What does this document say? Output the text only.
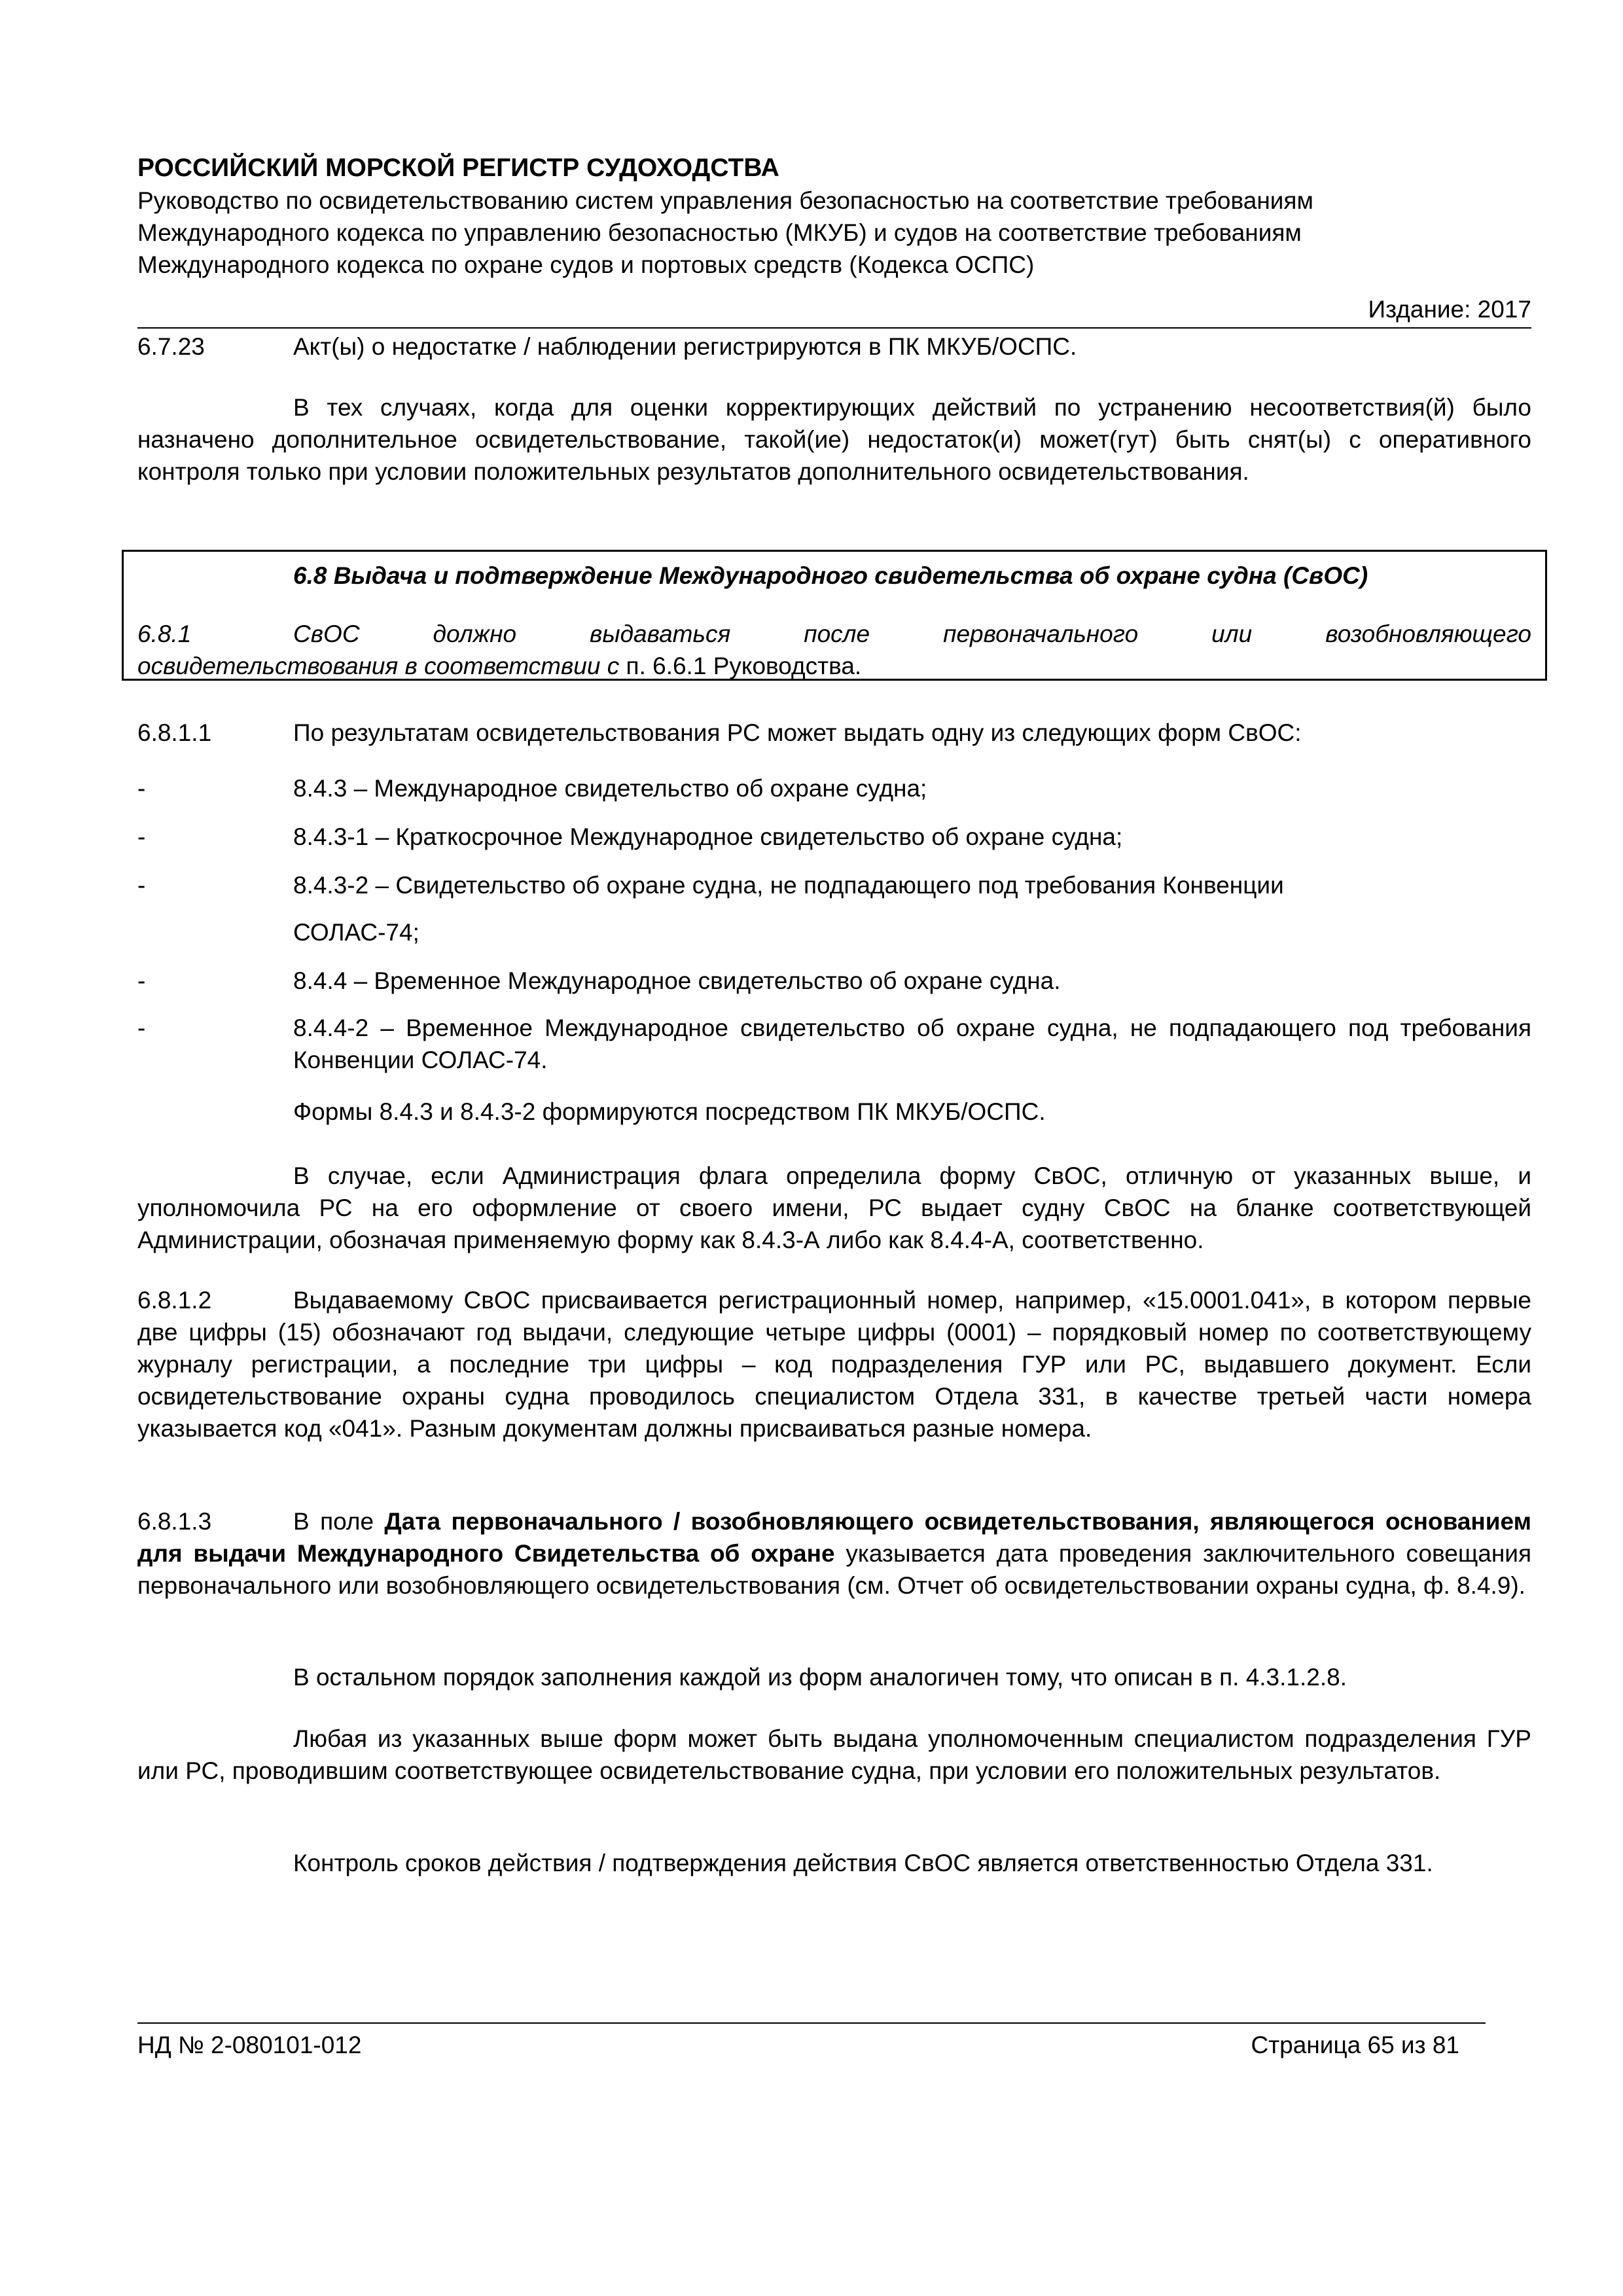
РОССИЙСКИЙ МОРСКОЙ РЕГИСТР СУДОХОДСТВА
Руководство по освидетельствованию систем управления безопасностью на соответствие требованиям
Международного кодекса по управлению безопасностью (МКУБ) и судов на соответствие требованиям
Международного кодекса по охране судов и портовых средств (Кодекса ОСПС)
Издание: 2017
6.7.23	Акт(ы) о недостатке / наблюдении регистрируются в ПК МКУБ/ОСПС.
В тех случаях, когда для оценки корректирующих действий по устранению несоответствия(й) было назначено дополнительное освидетельствование, такой(ие) недостаток(и) может(гут) быть снят(ы) с оперативного контроля только при условии положительных результатов дополнительного освидетельствования.
6.8 Выдача и подтверждение Международного свидетельства об охране судна (СвОС)
6.8.1	СвОС должно выдаваться после первоначального или возобновляющего
освидетельствования в соответствии с п. 6.6.1 Руководства.
6.8.1.1	По результатам освидетельствования РС может выдать одну из следующих форм СвОС:
-	8.4.3 – Международное свидетельство об охране судна;
-	8.4.3-1 – Краткосрочное Международное свидетельство об охране судна;
-	8.4.3-2 – Свидетельство об охране судна, не подпадающего под требования Конвенции
СОЛАС-74;
-	8.4.4 – Временное Международное свидетельство об охране судна.
-	8.4.4-2 – Временное Международное свидетельство об охране судна, не подпадающего под требования Конвенции СОЛАС-74.
Формы 8.4.3 и 8.4.3-2 формируются посредством ПК МКУБ/ОСПС.
В случае, если Администрация флага определила форму СвОС, отличную от указанных выше, и уполномочила РС на его оформление от своего имени, РС выдает судну СвОС на бланке соответствующей Администрации, обозначая применяемую форму как 8.4.3-А либо как 8.4.4-А, соответственно.
6.8.1.2	Выдаваемому СвОС присваивается регистрационный номер, например, «15.0001.041», в котором первые две цифры (15) обозначают год выдачи, следующие четыре цифры (0001) – порядковый номер по соответствующему журналу регистрации, а последние три цифры – код подразделения ГУР или РС, выдавшего документ. Если освидетельствование охраны судна проводилось специалистом Отдела 331, в качестве третьей части номера указывается код «041». Разным документам должны присваиваться разные номера.
6.8.1.3	В поле Дата первоначального / возобновляющего освидетельствования, являющегося основанием для выдачи Международного Свидетельства об охране указывается дата проведения заключительного совещания первоначального или возобновляющего освидетельствования (см. Отчет об освидетельствовании охраны судна, ф. 8.4.9).
В остальном порядок заполнения каждой из форм аналогичен тому, что описан в п. 4.3.1.2.8.
Любая из указанных выше форм может быть выдана уполномоченным специалистом подразделения ГУР или РС, проводившим соответствующее освидетельствование судна, при условии его положительных результатов.
Контроль сроков действия / подтверждения действия СвОС является ответственностью Отдела 331.
НД № 2-080101-012	Страница 65 из 81
